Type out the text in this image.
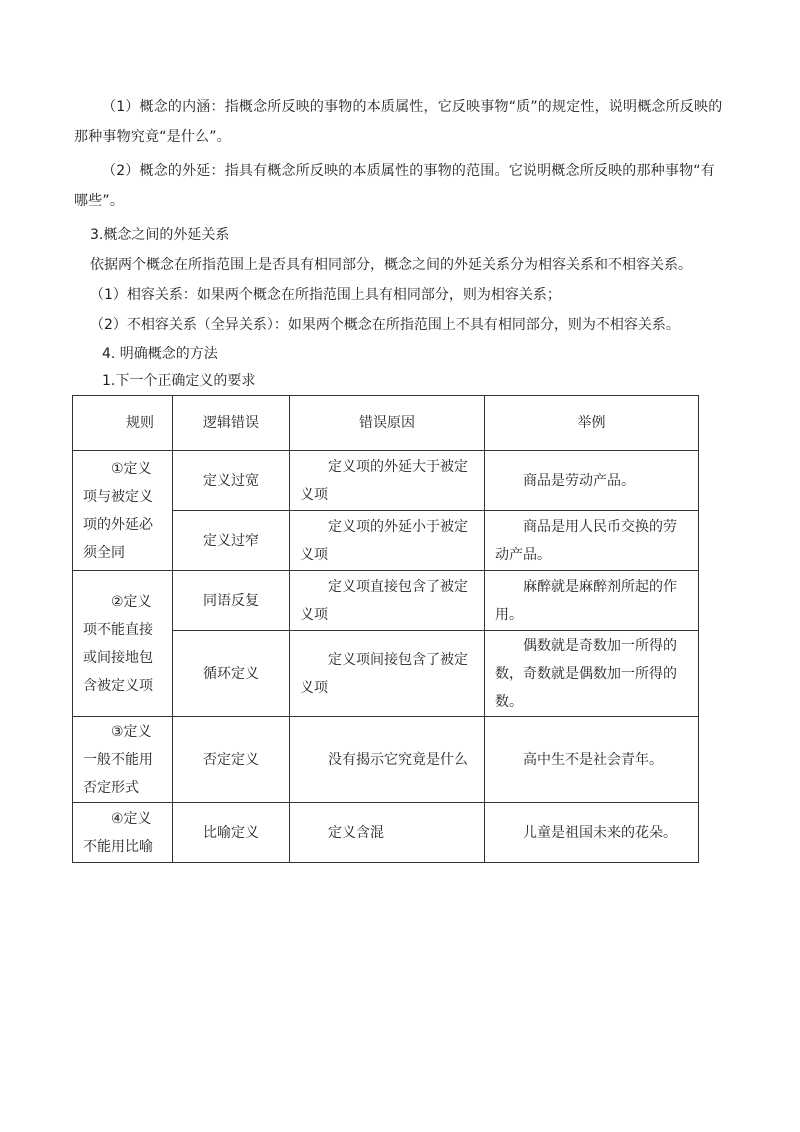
（1）概念的内涵：指概念所反映的事物的本质属性，它反映事物“质”的规定性，说明概念所反映的那种事物究竟“是什么”。
（2）概念的外延：指具有概念所反映的本质属性的事物的范围。它说明概念所反映的那种事物“有哪些”。
3.概念之间的外延关系
依据两个概念在所指范围上是否具有相同部分，概念之间的外延关系分为相容关系和不相容关系。
（1）相容关系：如果两个概念在所指范围上具有相同部分，则为相容关系；
（2）不相容关系（全异关系）：如果两个概念在所指范围上不具有相同部分，则为不相容关系。
4. 明确概念的方法
1.下一个正确定义的要求
规则	逻辑错误	错误原因	举例
①定义项与被定义项的外延必须全同	定义过宽	定义项的外延大于被定义项	商品是劳动产品。
	定义过窄	定义项的外延小于被定义项	商品是用人民币交换的劳动产品。
②定义项不能直接或间接地包含被定义项	同语反复	定义项直接包含了被定义项	麻醉就是麻醉剂所起的作用。
	循环定义	定义项间接包含了被定义项	偶数就是奇数加一所得的数，奇数就是偶数加一所得的数。
③定义一般不能用否定形式	否定定义	没有揭示它究竟是什么	高中生不是社会青年。
④定义不能用比喻	比喻定义	定义含混	儿童是祖国未来的花朵。
